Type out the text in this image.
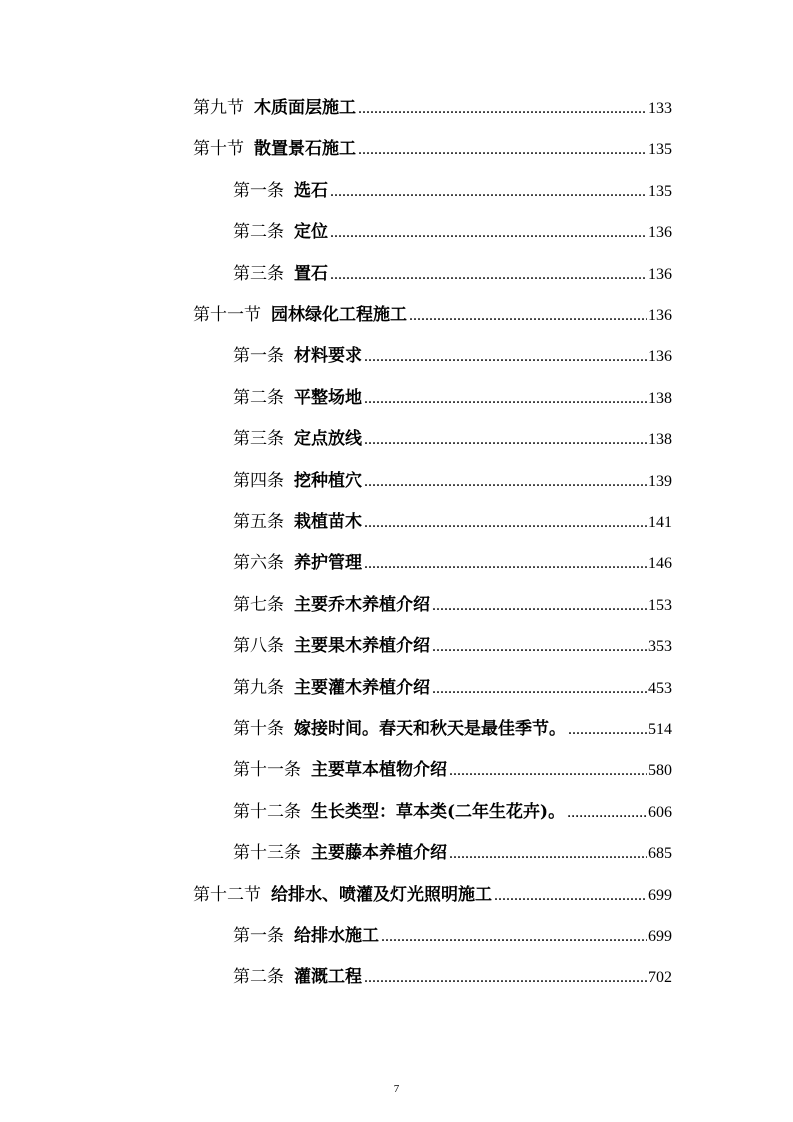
第九节 木质面层施工 .....	133
第十节 散置景石施工 .....	135
第一条 选石 .....	135
第二条 定位 .....	136
第三条 置石 .....	136
第十一节 园林绿化工程施工 .....	136
第一条 材料要求 .....	136
第二条 平整场地 .....	138
第三条 定点放线 .....	138
第四条 挖种植穴 .....	139
第五条 栽植苗木 .....	141
第六条 养护管理 .....	146
第七条 主要乔木养植介绍 .....	153
第八条 主要果木养植介绍 .....	353
第九条 主要灌木养植介绍 .....	453
第十条 嫁接时间。春天和秋天是最佳季节。 .....	514
第十一条 主要草本植物介绍 .....	580
第十二条 生长类型：草本类(二年生花卉)。 .....	606
第十三条 主要藤本养植介绍 .....	685
第十二节 给排水、喷灌及灯光照明施工 .....	699
第一条 给排水施工 .....	699
第二条 灌溉工程 .....	702
7
